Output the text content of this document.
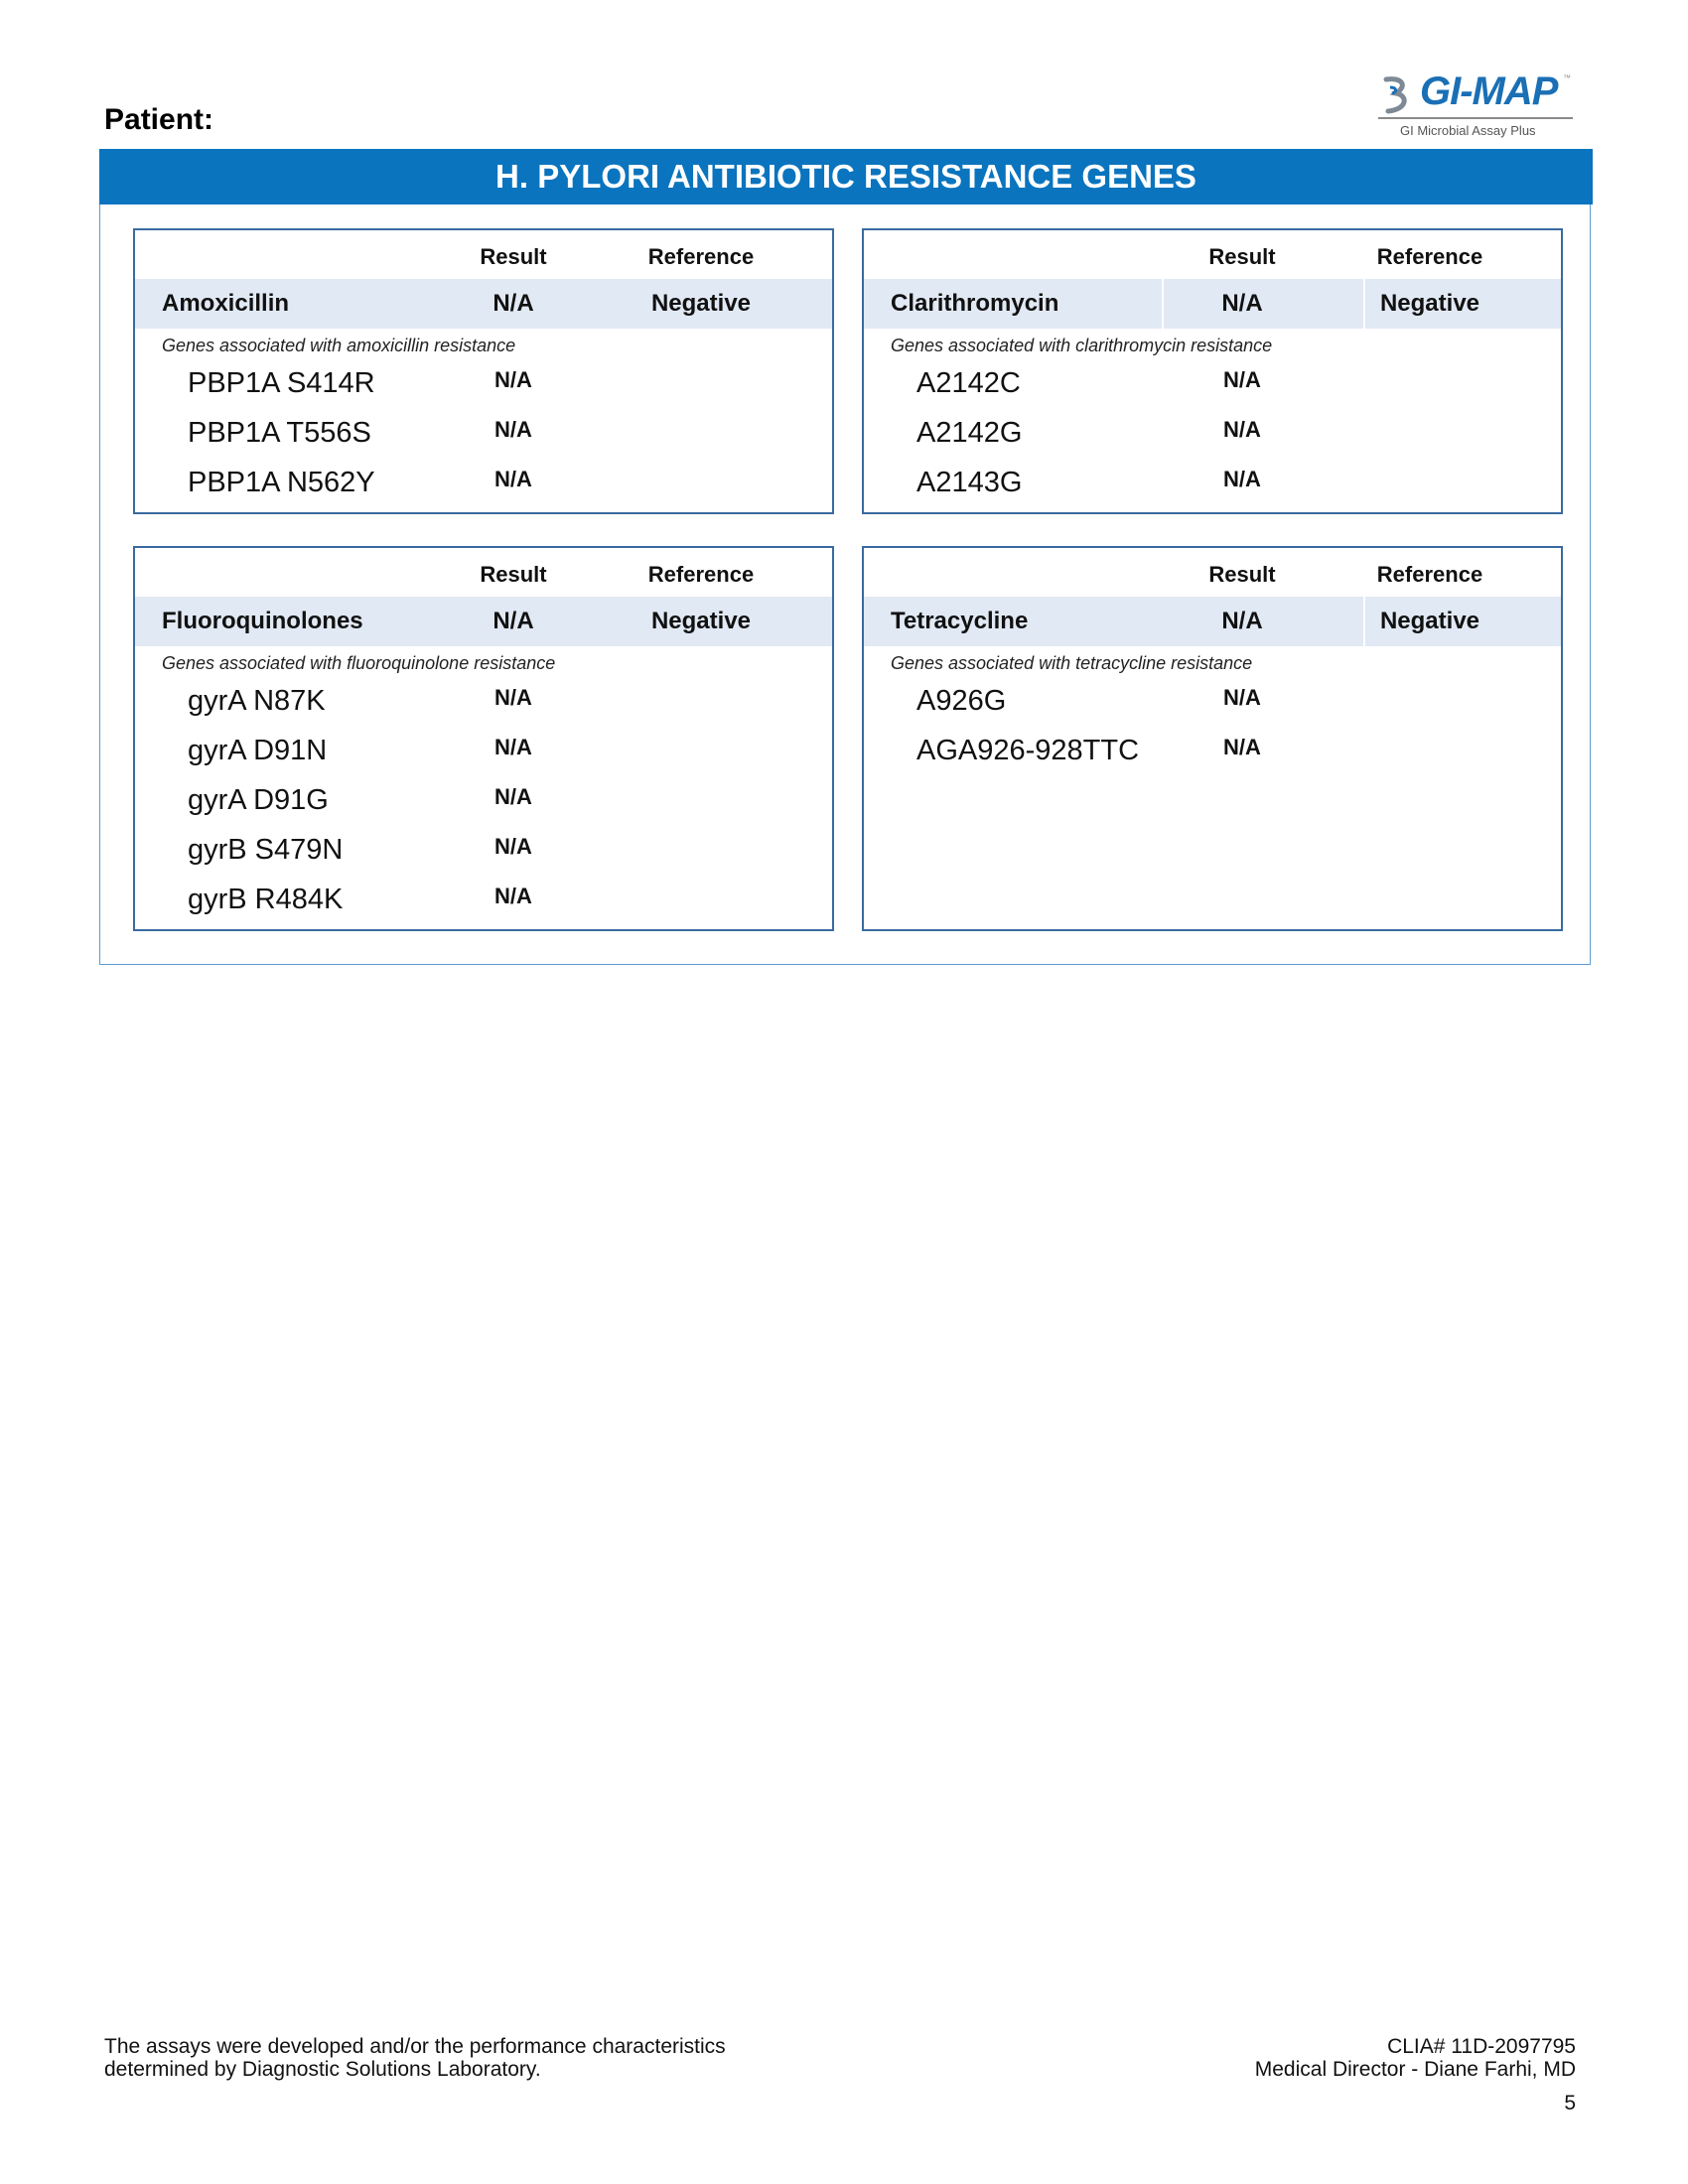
Patient:
GI-MAP ™
GI Microbial Assay Plus
H. PYLORI ANTIBIOTIC RESISTANCE GENES
Result	Reference
Amoxicillin	N/A	Negative
Genes associated with amoxicillin resistance
PBP1A S414R	N/A
PBP1A T556S	N/A
PBP1A N562Y	N/A
Result	Reference
Clarithromycin	N/A	Negative
Genes associated with clarithromycin resistance
A2142C	N/A
A2142G	N/A
A2143G	N/A
Result	Reference
Fluoroquinolones	N/A	Negative
Genes associated with fluoroquinolone resistance
gyrA N87K	N/A
gyrA D91N	N/A
gyrA D91G	N/A
gyrB S479N	N/A
gyrB R484K	N/A
Result	Reference
Tetracycline	N/A	Negative
Genes associated with tetracycline resistance
A926G	N/A
AGA926-928TTC	N/A
The assays were developed and/or the performance characteristics
determined by Diagnostic Solutions Laboratory.
CLIA# 11D-2097795
Medical Director - Diane Farhi, MD
5
